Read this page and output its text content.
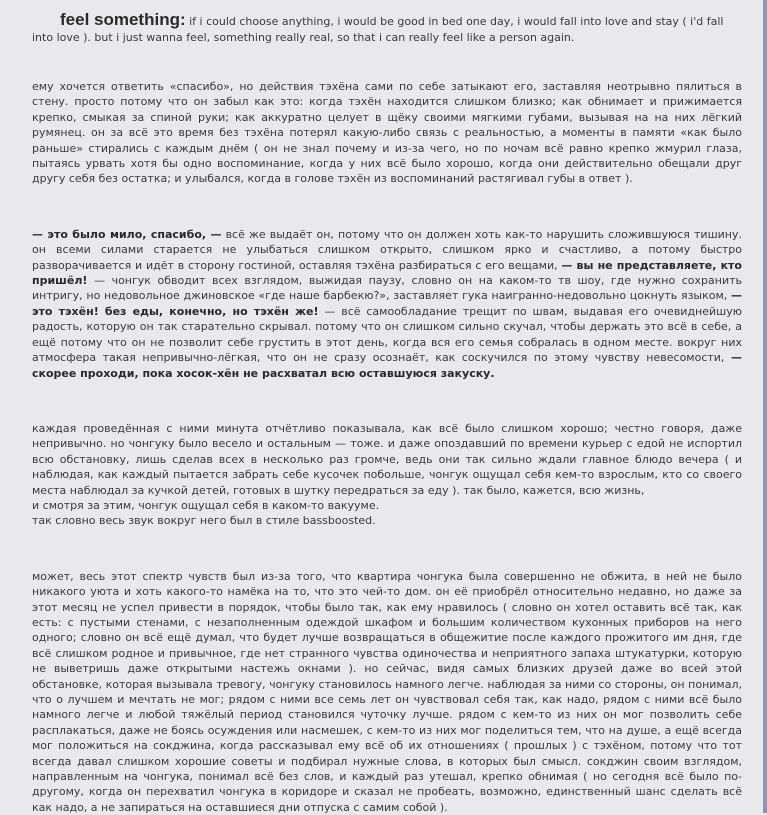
feel something: if i could choose anything, i would be good in bed one day, i would fall into love and stay ( i'd fall into love ). but i just wanna feel, something really real, so that i can really feel like a person again.

ему хочется ответить «спасибо», но действия тэхёна сами по себе затыкают его, заставляя неотрывно пялиться в стену. просто потому что он забыл как это: когда тэхён находится слишком близко; как обнимает и прижимается крепко, смыкая за спиной руки; как аккуратно целует в щёку своими мягкими губами, вызывая на на них лёгкий румянец. он за всё это время без тэхёна потерял какую-либо связь с реальностью, а моменты в памяти «как было раньше» стирались с каждым днём ( он не знал почему и из-за чего, но по ночам всё равно крепко жмурил глаза, пытаясь урвать хотя бы одно воспоминание, когда у них всё было хорошо, когда они действительно обещали друг другу себя без остатка; и улыбался, когда в голове тэхён из воспоминаний растягивал губы в ответ ).

— это было мило, спасибо, — всё же выдаёт он, потому что он должен хоть как-то нарушить сложившуюся тишину. он всеми силами старается не улыбаться слишком открыто, слишком ярко и счастливо, а потому быстро разворачивается и идёт в сторону гостиной, оставляя тэхёна разбираться с его вещами, — вы не представляете, кто пришёл! — чонгук обводит всех взглядом, выжидая паузу, словно он на каком-то тв шоу, где нужно сохранить интригу, но недовольное джиновское «где наше барбекю?», заставляет гука наигранно-недовольно цокнуть языком, — это тэхён! без еды, конечно, но тэхён же! — всё самообладание трещит по швам, выдавая его очевиднейшую радость, которую он так старательно скрывал. потому что он слишком сильно скучал, чтобы держать это всё в себе, а ещё потому что он не позволит себе грустить в этот день, когда вся его семья собралась в одном месте. вокруг них атмосфера такая непривычно-лёгкая, что он не сразу осознаёт, как соскучился по этому чувству невесомости, — скорее проходи, пока хосок-хён не расхватал всю оставшуюся закуску.

каждая проведённая с ними минута отчётливо показывала, как всё было слишком хорошо; честно говоря, даже непривычно. но чонгуку было весело и остальным — тоже. и даже опоздавший по времени курьер с едой не испортил всю обстановку, лишь сделав всех в несколько раз громче, ведь они так сильно ждали главное блюдо вечера ( и наблюдая, как каждый пытается забрать себе кусочек побольше, чонгук ощущал себя кем-то взрослым, кто со своего места наблюдал за кучкой детей, готовых в шутку передраться за еду ). так было, кажется, всю жизнь,
и смотря за этим, чонгук ощущал себя в каком-то вакууме.
так словно весь звук вокруг него был в стиле bassboosted.

может, весь этот спектр чувств был из-за того, что квартира чонгука была совершенно не обжита, в ней не было никакого уюта и хоть какого-то намёка на то, что это чей-то дом. он её приобрёл относительно недавно, но даже за этот месяц не успел привести в порядок, чтобы было так, как ему нравилось ( словно он хотел оставить всё так, как есть: с пустыми стенами, с незаполненным одеждой шкафом и большим количеством кухонных приборов на него одного; словно он всё ещё думал, что будет лучше возвращаться в общежитие после каждого прожитого им дня, где всё слишком родное и привычное, где нет странного чувства одиночества и неприятного запаха штукатурки, которую не выветришь даже открытыми настежь окнами ). но сейчас, видя самых близких друзей даже во всей этой обстановке, которая вызывала тревогу, чонгуку становилось намного легче. наблюдая за ними со стороны, он понимал, что о лучшем и мечтать не мог; рядом с ними все семь лет он чувствовал себя так, как надо, рядом с ними всё было намного легче и любой тяжёлый период становился чуточку лучше. рядом с кем-то из них он мог позволить себе расплакаться, даже не боясь осуждения или насмешек, с кем-то из них мог поделиться тем, что на душе, а ещё всегда мог положиться на сокджина, когда рассказывал ему всё об их отношениях ( прошлых ) с тэхёном, потому что тот всегда давал слишком хорошие советы и подбирал нужные слова, в которых был смысл. сокджин своим взглядом, направленным на чонгука, понимал всё без слов, и каждый раз утешал, крепко обнимая ( но сегодня всё было по-другому, когда он перехватил чонгука в коридоре и сказал не пробеать, возможно, единственный шанс сделать всё как надо, а не запираться на оставшиеся дни отпуска с самим собой ).
